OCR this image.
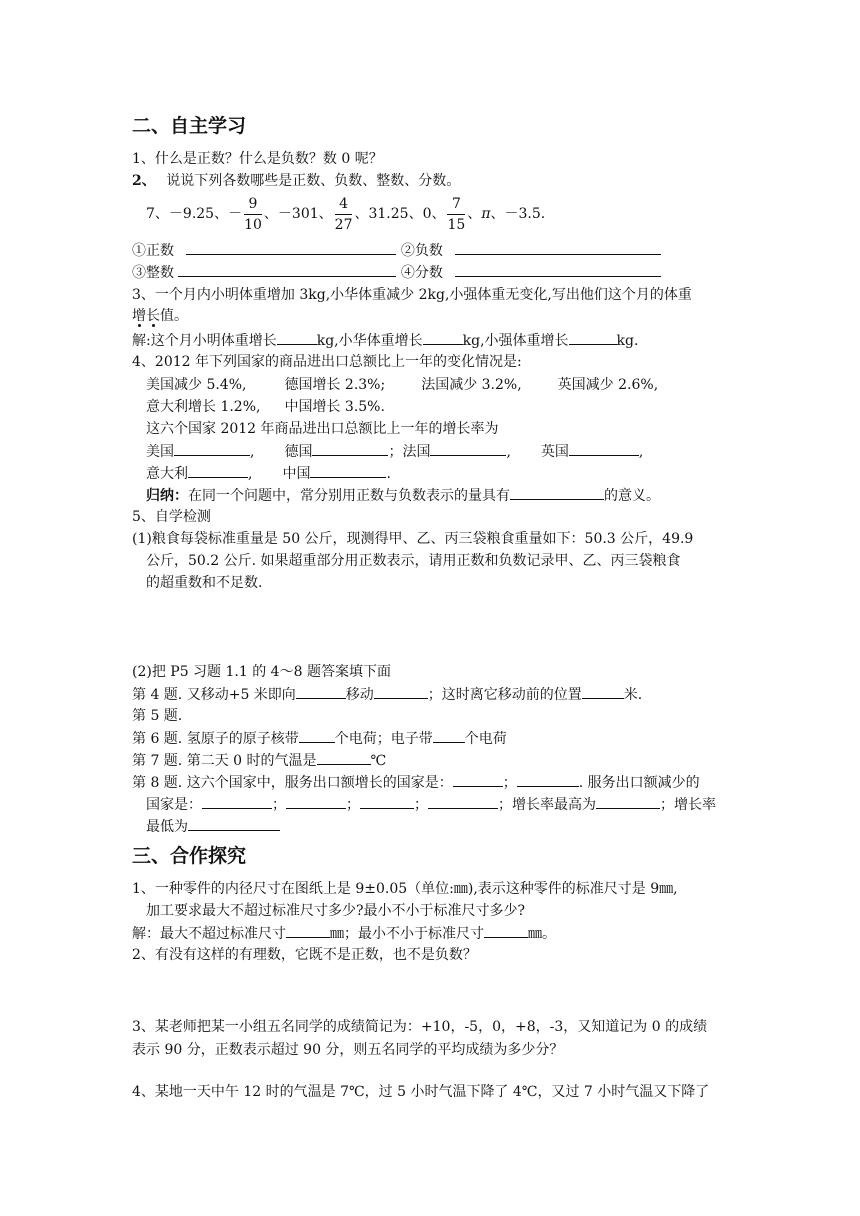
二、自主学习
1、什么是正数？什么是负数？数 0 呢？
2、 说说下列各数哪些是正数、负数、整数、分数。
7、－9.25、－ $\frac{9}{10}$ 、－301、 $\frac{4}{27}$ 、31.25、0、 $\frac{7}{15}$ 、π、－3.5.
①正数	②负数
③整数	④分数
3、一个月内小明体重增加 3kg,小华体重减少 2kg,小强体重无变化,写出他们这个月的体重
增长值。
解:这个月小明体重增长	kg,小华体重增长	kg,小强体重增长	kg.
4、2012 年下列国家的商品进出口总额比上一年的变化情况是:
美国减少 5.4%,	德国增长 2.3%;	法国减少 3.2%,	英国减少 2.6%,
意大利增长 1.2%, 中国增长 3.5%.
这六个国家 2012 年商品进出口总额比上一年的增长率为
美国	, 德国	；法国	, 英国	,
意大利	, 中国	.
归纳：在同一个问题中，常分别用正数与负数表示的量具有	的意义。
5、自学检测
(1)粮食每袋标准重量是 50 公斤，现测得甲、乙、丙三袋粮食重量如下：50.3 公斤，49.9
公斤，50.2 公斤. 如果超重部分用正数表示，请用正数和负数记录甲、乙、丙三袋粮食
的超重数和不足数.
(2)把 P5 习题 1.1 的 4～8 题答案填下面
第 4 题. 又移动+5 米即向	移动	；这时离它移动前的位置	米.
第 5 题.
第 6 题. 氢原子的原子核带	个电荷；电子带 个电荷
第 7 题. 第二天 0 时的气温是	℃
第 8 题. 这六个国家中，服务出口额增长的国家是：	；	. 服务出口额减少的
国家是：	；	；	；	；增长率最高为	；增长率
最低为
三、合作探究
1、一种零件的内径尺寸在图纸上是 9±0.05（单位:㎜),表示这种零件的标准尺寸是 9㎜,
加工要求最大不超过标准尺寸多少?最小不小于标准尺寸多少?
解：最大不超过标准尺寸	㎜；最小不小于标准尺寸	㎜。
2、有没有这样的有理数，它既不是正数，也不是负数？
3、某老师把某一小组五名同学的成绩简记为：+10，-5，0，+8，-3，又知道记为 0 的成绩
表示 90 分，正数表示超过 90 分，则五名同学的平均成绩为多少分？
4、某地一天中午 12 时的气温是 7℃，过 5 小时气温下降了 4℃，又过 7 小时气温又下降了
